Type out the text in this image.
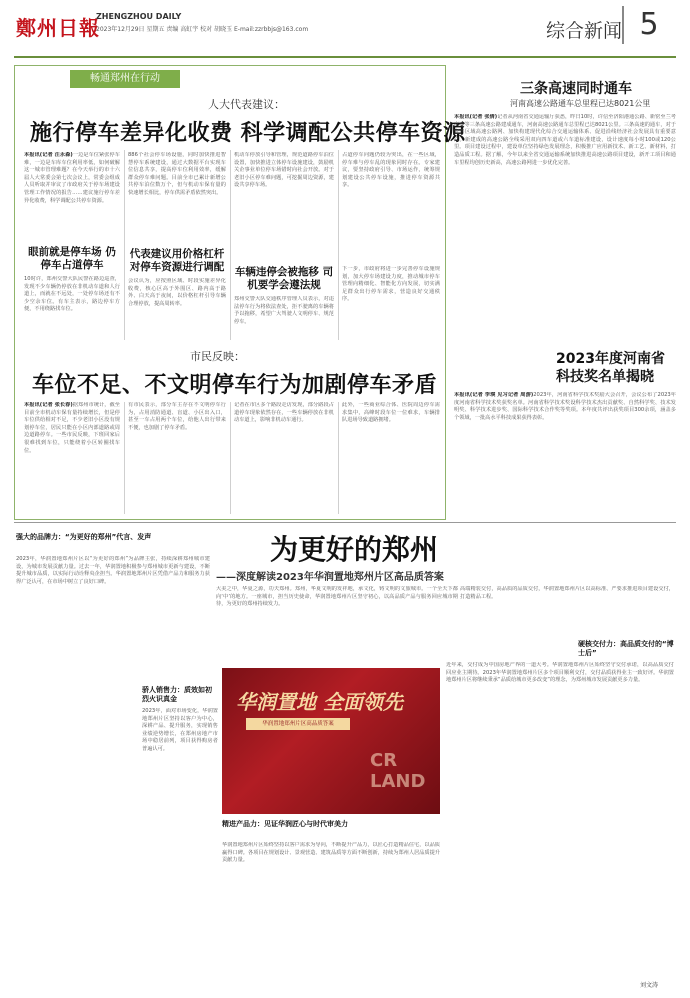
鄭州日報
ZHENGZHOU DAILY
2023年12月29日 星期五 责编 高虹宇 校对 胡晓玉 E-mail:zzrbbjs@163.com	综合新闻 5
畅通郑州在行动
人大代表建议：
施行停车差异化收费 科学调配公共停车资源
本报讯(记者 汪永森)一边是车位紧张停车难，一边是车库车位利用率低，如何破解这一城市管理难题？在今天举行的市十六届人大常委会第七次会议上，常委会组成人员听取并审议了市政府关于停车场建设管理工作情况的报告……建议施行停车差异化收费，科学调配公共停车资源。
眼前就是停车场 仍停车占道停车
10时许，郑州交警大队民警在路边巡查，发现不少车辆仍停放在非机动车道和人行道上，而就在不远处，一处停车场还有不少空余车位。有车主表示，路边停车方便，不用绕路找车位。
886个社会停车场设施，同时加快推进智慧停车系统建设，通过大数据平台实现车位信息共享，提高停车位利用效率，缓解群众停车难问题。目前全市已累计新增公共停车泊位数万个，但与机动车保有量的快速增长相比，停车供需矛盾依然突出。
代表建议用价格杠杆 对停车资源进行调配
会议认为，应按照区域、时段实施差异化收费，核心区高于外围区、路内高于路外、白天高于夜间，以价格杠杆引导车辆合理停放，提高周转率。
机动车停放引导和管理，规范道路停车泊位设置，加快推进立体停车设施建设，鼓励机关企事业单位停车场错时向社会开放。对于老旧小区停车难问题，可挖掘周边资源，建设共享停车场。
车辆违停会被拖移 司机要学会遵法规
郑州交警大队交通秩序管理人员表示，对违法停车行为将依法查处，拒不驶离的车辆将予以拖移，希望广大驾驶人文明停车、规范停车。
占道停车问题仍较为突出，在一些区域，停车难与停车乱的现象同时存在。专家建议，要坚持政府引导、市场运作，统筹规划建设公共停车设施，推进停车资源共享。
下一步，市政府将进一步完善停车设施规划，加大停车场建设力度，推动城市停车管理向精细化、智能化方向发展，切实满足群众出行停车需求，营造良好交通秩序。
市民反映：
车位不足、不文明停车行为加剧停车矛盾
本报讯(记者 张长春)据郑州市统计，截至目前全市机动车保有量持续增长，但是停车位供给相对不足，不少老旧小区没有规划停车位，居民只能在小区内部道路或周边道路停车。一些市民反映，下班回家后很难找到车位，只能绕着小区转圈找车位。
有市民表示，部分车主存在不文明停车行为，占用消防通道、盲道、小区出入口，甚至一车占用两个车位，给他人出行带来不便，也加剧了停车矛盾。
记者在市区多个路段走访发现，部分路段占道停车现象依然存在，一些车辆停放在非机动车道上，影响非机动车通行。
此外，一些商业综合体、医院周边停车需求集中，高峰时段车位一位难求，车辆排队进场导致道路拥堵。
三条高速同时通车
河南高速公路通车总里程已达8021公里
本报讯(记者 张倩)记者从河南省交通运输厅获悉，昨日10时，许信至济阳港通公路、新密至兰考高速等三条高速公路建成通车，河南高速公路通车总里程已达8021公里。三条高速的通车，对于完善区域高速公路网、加快构建现代化综合交通运输体系、促进沿线经济社会发展具有重要意义。新建成的高速公路全线采用双向四车道或六车道标准建设，设计速度每小时100或120公里。项目建设过程中，建设单位坚持绿色发展理念，积极推广应用新技术、新工艺、新材料，打造品质工程。据了解，今年以来全省交通运输系统加快推进高速公路项目建设，新开工项目和通车里程均创历史新高，高速公路网进一步优化完善。
2023年度河南省 科技奖名单揭晓
本报讯(记者 李璞 见习记者 周游)2023年，河南省科学技术奖励大会召开，会议公布了2023年度河南省科学技术奖获奖名单。河南省科学技术奖设科学技术杰出贡献奖、自然科学奖、技术发明奖、科学技术进步奖、国际科学技术合作奖等奖项。本年度共评出获奖项目300余项，涵盖多个领域，一批高水平科技成果获得表彰。
为更好的郑州
——深度解读2023年华润置地郑州片区高品质答案
强大的品牌力：“为更好的郑州”代言、发声
2023年，华润置地郑州片区以“为更好的郑州”为品牌主张，持续深耕郑州城市建设，为城市发展贡献力量。过去一年，华润置地积极参与郑州城市更新与建设，不断提升城市品质，以实际行动诠释央企担当。华润置地郑州片区凭借产品力和服务力获得广泛认可，在市场中树立了良好口碑。
大美之中，华夏之源，功夫郑州。郑州，华夏文明的发祥地，承文化，铸文明的文旅城市。一个全天下都向‘中’的地方。一座城市，担当历史使命，华润置地郑州片区坚守初心，以高品质产品与服务回应城市期待，为更好的郑州持续发力。
高端精装交付，高品质的品质交付，华润置地郑州片区以高标准、严要求推进项目建设交付，打造精品工程。
华润置地 全面领先
华润置地郑州片区高品质答案
CR LAND
骄人销售力：质效如初 烈火识真金
2023年，面对市场变化，华润置地郑州片区坚持以客户为中心，深耕产品、提升服务，实现销售业绩逆势增长，在郑州房地产市场中稳居前列，项目获得购房者普遍认可。
精进产品力：见证华润匠心与时代审美力
华润置地郑州片区始终坚持以客户需求为导向，不断提升产品力，以匠心打造精品住宅，以品质赢得口碑。各项目在规划设计、景观营造、建筑品质等方面不断创新，持续为郑州人居品质提升贡献力量。
硬核交付力：高品质交付的“博士后”
近年来，交付成为中国房地产界的一道大考。华润置地郑州片区始终坚守交付承诺，以高品质交付回应业主期待。2023年华润置地郑州片区多个项目顺利交付，交付品质获得业主一致好评。华润置地郑州片区将继续秉承“品质给城市更多改变”的理念，为郑州城市发展贡献更多力量。
刘文涛
